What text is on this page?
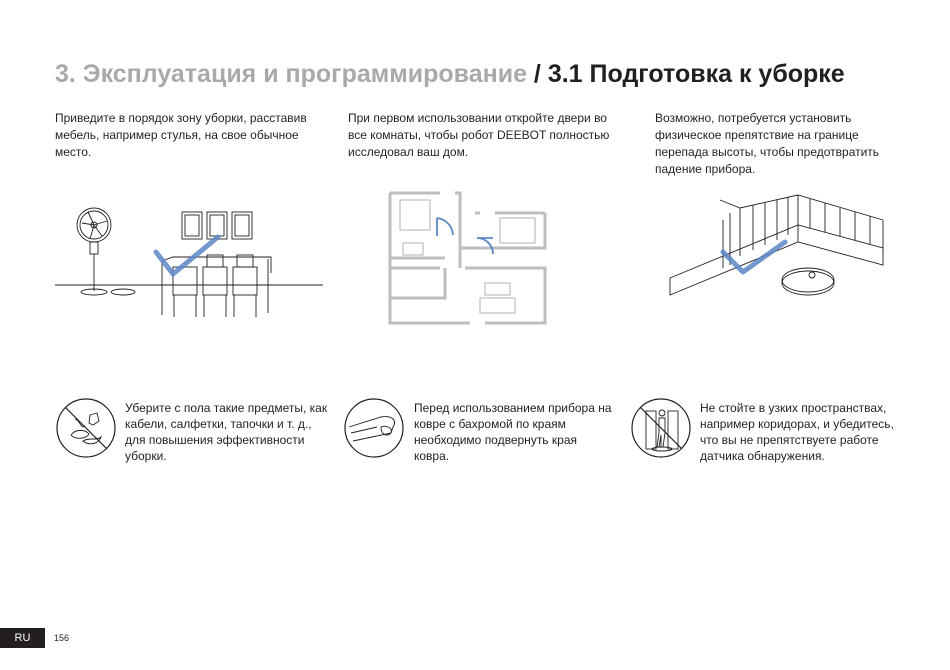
3. Эксплуатация и программирование / 3.1 Подготовка к уборке
Приведите в порядок зону уборки, расставив мебель, например стулья, на свое обычное место.
При первом использовании откройте двери во все комнаты, чтобы робот DEEBOT полностью исследовал ваш дом.
Возможно, потребуется установить физическое препятствие на границе перепада высоты, чтобы предотвратить падение прибора.
Уберите с пола такие предметы, как кабели, салфетки, тапочки и т. д., для повышения эффективности уборки.
Перед использованием прибора на ковре с бахромой по краям необходимо подвернуть края ковра.
Не стойте в узких пространствах, например коридорах, и убедитесь, что вы не препятствуете работе датчика обнаружения.
RU	156
